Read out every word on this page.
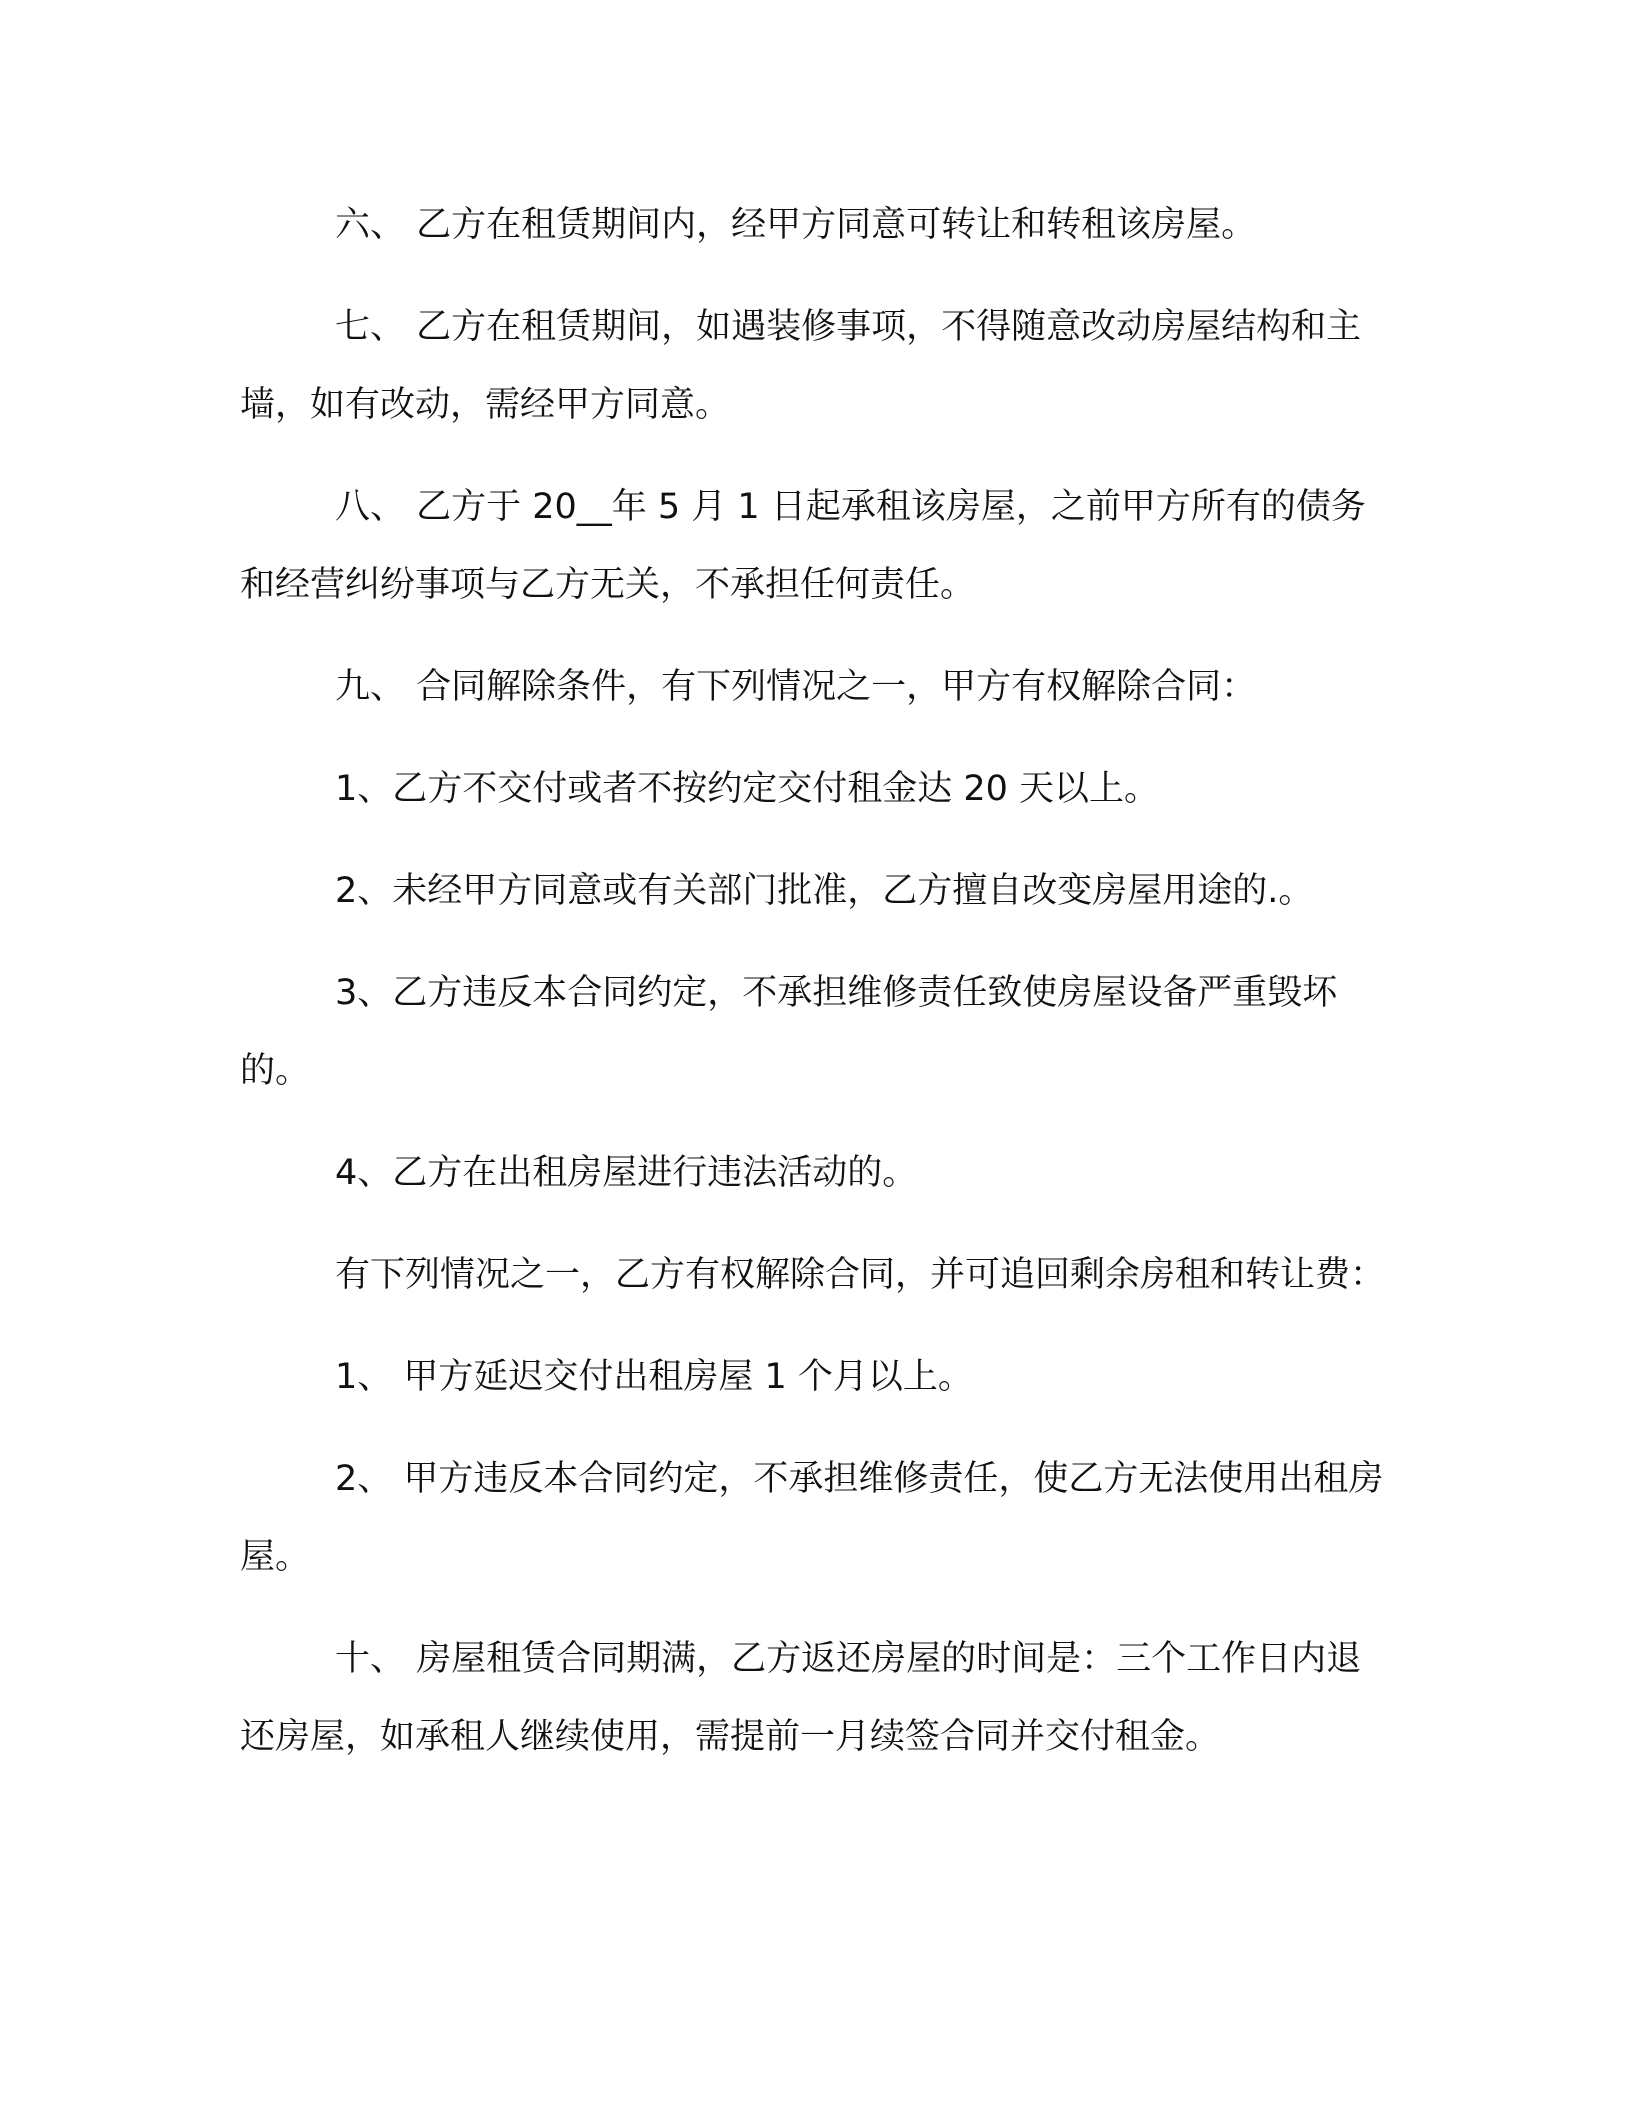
六、 乙方在租赁期间内，经甲方同意可转让和转租该房屋。

七、 乙方在租赁期间，如遇装修事项，不得随意改动房屋结构和主墙，如有改动，需经甲方同意。

八、 乙方于 20__年 5 月 1 日起承租该房屋，之前甲方所有的债务和经营纠纷事项与乙方无关，不承担任何责任。

九、 合同解除条件，有下列情况之一，甲方有权解除合同：

1、乙方不交付或者不按约定交付租金达 20 天以上。

2、未经甲方同意或有关部门批准，乙方擅自改变房屋用途的.。

3、乙方违反本合同约定，不承担维修责任致使房屋设备严重毁坏的。

4、乙方在出租房屋进行违法活动的。

有下列情况之一，乙方有权解除合同，并可追回剩余房租和转让费：

1、 甲方延迟交付出租房屋 1 个月以上。

2、 甲方违反本合同约定，不承担维修责任，使乙方无法使用出租房屋。

十、 房屋租赁合同期满，乙方返还房屋的时间是：三个工作日内退还房屋，如承租人继续使用，需提前一月续签合同并交付租金。
